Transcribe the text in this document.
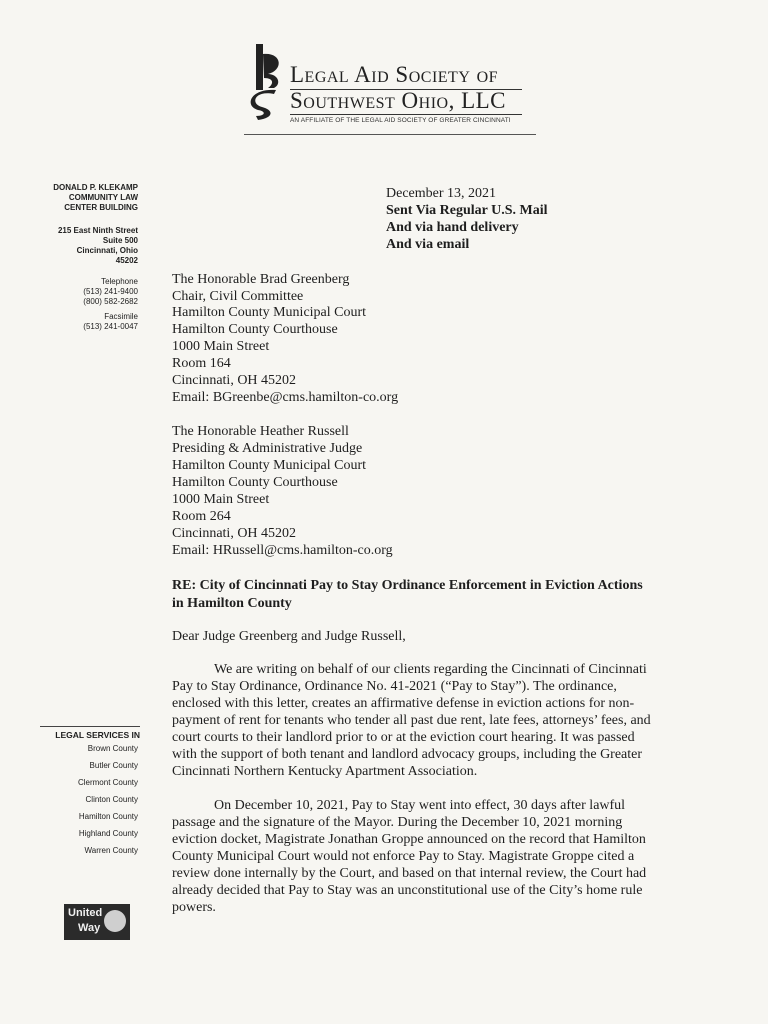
Legal Aid Society of
Southwest Ohio, LLC
AN AFFILIATE OF THE LEGAL AID SOCIETY OF GREATER CINCINNATI
DONALD P. KLEKAMP
COMMUNITY LAW
CENTER BUILDING
215 East Ninth Street
Suite 500
Cincinnati, Ohio
45202
Telephone
(513) 241-9400
(800) 582-2682
Facsimile
(513) 241-0047
LEGAL SERVICES IN
Brown County
Butler County
Clermont County
Clinton County
Hamilton County
Highland County
Warren County
United
Way
December 13, 2021
Sent Via Regular U.S. Mail
And via hand delivery
And via email
The Honorable Brad Greenberg
Chair, Civil Committee
Hamilton County Municipal Court
Hamilton County Courthouse
1000 Main Street
Room 164
Cincinnati, OH 45202
Email: BGreenbe@cms.hamilton-co.org
The Honorable Heather Russell
Presiding & Administrative Judge
Hamilton County Municipal Court
Hamilton County Courthouse
1000 Main Street
Room 264
Cincinnati, OH 45202
Email: HRussell@cms.hamilton-co.org
RE: City of Cincinnati Pay to Stay Ordinance Enforcement in Eviction Actions
in Hamilton County
Dear Judge Greenberg and Judge Russell,
We are writing on behalf of our clients regarding the Cincinnati of Cincinnati
Pay to Stay Ordinance, Ordinance No. 41-2021 (“Pay to Stay”). The ordinance,
enclosed with this letter, creates an affirmative defense in eviction actions for non-
payment of rent for tenants who tender all past due rent, late fees, attorneys’ fees, and
court courts to their landlord prior to or at the eviction court hearing. It was passed
with the support of both tenant and landlord advocacy groups, including the Greater
Cincinnati Northern Kentucky Apartment Association.
On December 10, 2021, Pay to Stay went into effect, 30 days after lawful
passage and the signature of the Mayor. During the December 10, 2021 morning
eviction docket, Magistrate Jonathan Groppe announced on the record that Hamilton
County Municipal Court would not enforce Pay to Stay. Magistrate Groppe cited a
review done internally by the Court, and based on that internal review, the Court had
already decided that Pay to Stay was an unconstitutional use of the City’s home rule
powers.
